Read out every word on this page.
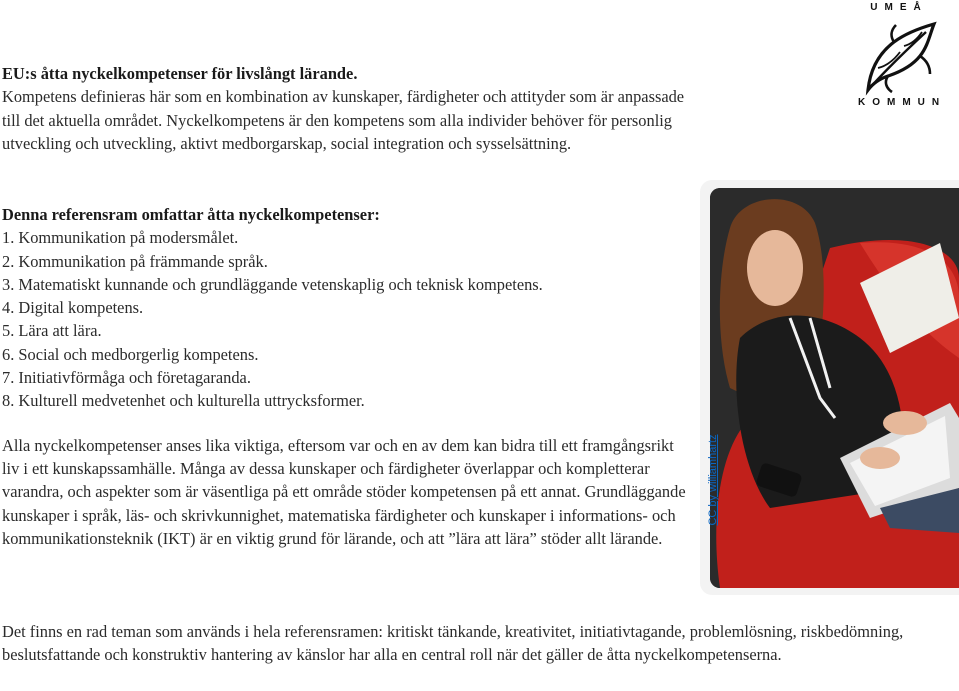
EU:s åtta nyckelkompetenser för livslångt lärande.
Kompetens definieras här som en kombination av kunskaper, färdigheter och attityder som är anpassade till det aktuella området. Nyckelkompetens är den kompetens som alla individer behöver för personlig utveckling och utveckling, aktivt medborgarskap, social integration och sysselsättning.
Denna referensram omfattar åtta nyckelkompetenser:
1. Kommunikation på modersmålet.
2. Kommunikation på främmande språk.
3. Matematiskt kunnande och grundläggande vetenskaplig och teknisk kompetens.
4. Digital kompetens.
5. Lära att lära.
6. Social och medborgerlig kompetens.
7. Initiativförmåga och företagaranda.
8. Kulturell medvetenhet och kulturella uttrycksformer.
Alla nyckelkompetenser anses lika viktiga, eftersom var och en av dem kan bidra till ett framgångsrikt liv i ett kunskapssamhälle. Många av dessa kunskaper och färdigheter överlappar och kompletterar varandra, och aspekter som är väsentliga på ett område stöder kompetensen på ett annat. Grundläggande kunskaper i språk, läs- och skrivkunnighet, matematiska färdigheter och kunskaper i informations- och kommunikationsteknik (IKT) är en viktig grund för lärande, och att ”lära att lära” stöder allt lärande.
Det finns en rad teman som används i hela referensramen: kritiskt tänkande, kreativitet, initiativtagande, problemlösning, riskbedömning, beslutsfattande och konstruktiv hantering av känslor har alla en central roll när det gäller de åtta nyckelkompetenserna.
UMEÅ
KOMMUN
CC by williamhartz
